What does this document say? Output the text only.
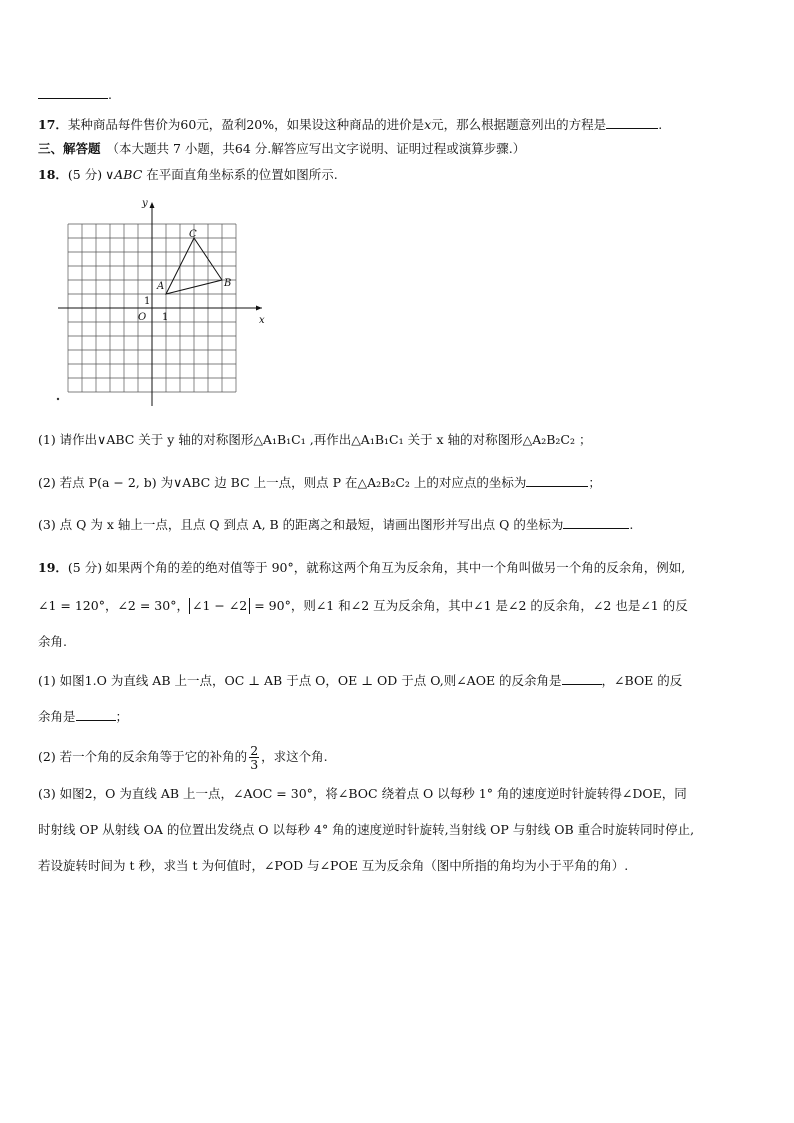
.
17．某种商品每件售价为60元，盈利20%，如果设这种商品的进价是x元，那么根据题意列出的方程是	.
三、解答题 （本大题共 7 小题，共64 分.解答应写出文字说明、证明过程或演算步骤.）
18．(5 分) ∨ABC 在平面直角坐标系的位置如图所示.
y
x
O 1
1
A	B
C
(1) 请作出∨ABC 关于 y 轴的对称图形△A₁B₁C₁ ,再作出△A₁B₁C₁ 关于 x 轴的对称图形△A₂B₂C₂ ；
(2) 若点 P(a − 2, b) 为∨ABC 边 BC 上一点，则点 P 在△A₂B₂C₂ 上的对应点的坐标为	；
(3) 点 Q 为 x 轴上一点，且点 Q 到点 A, B 的距离之和最短，请画出图形并写出点 Q 的坐标为	.
19．(5 分) 如果两个角的差的绝对值等于 90°，就称这两个角互为反余角，其中一个角叫做另一个角的反余角，例如,
∠1 = 120°，∠2 = 30°， ∠1 − ∠2 = 90°，则∠1 和∠2 互为反余角，其中∠1 是∠2 的反余角，∠2 也是∠1 的反
余角.
(1) 如图1.O 为直线 AB 上一点，OC ⊥ AB 于点 O，OE ⊥ OD 于点 O,则∠AOE 的反余角是	，∠BOE 的反
余角是	；
(2) 若一个角的反余角等于它的补角的 $\frac{2}{3}$ ，求这个角.
(3) 如图2，O 为直线 AB 上一点，∠AOC = 30°，将∠BOC 绕着点 O 以每秒 1° 角的速度逆时针旋转得∠DOE，同
时射线 OP 从射线 OA 的位置出发绕点 O 以每秒 4° 角的速度逆时针旋转,当射线 OP 与射线 OB 重合时旋转同时停止,
若设旋转时间为 t 秒，求当 t 为何值时，∠POD 与∠POE 互为反余角（图中所指的角均为小于平角的角）.
